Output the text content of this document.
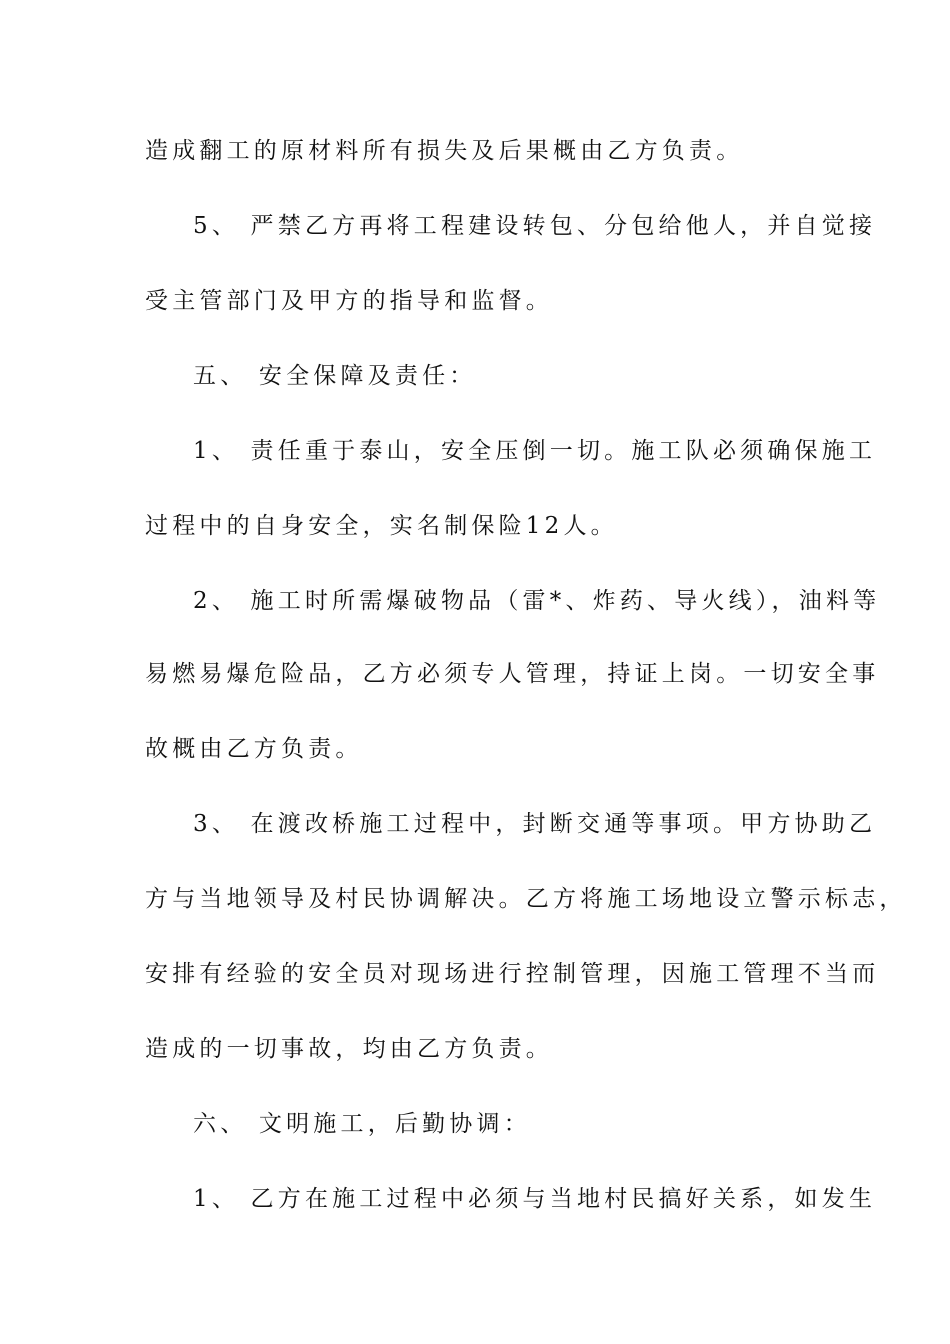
造成翻工的原材料所有损失及后果概由乙方负责。
5、 严禁乙方再将工程建设转包、分包给他人，并自觉接
受主管部门及甲方的指导和监督。
五、 安全保障及责任：
1、 责任重于泰山，安全压倒一切。施工队必须确保施工
过程中的自身安全，实名制保险12人。
2、 施工时所需爆破物品（雷*、炸药、导火线），油料等
易燃易爆危险品，乙方必须专人管理，持证上岗。一切安全事
故概由乙方负责。
3、 在渡改桥施工过程中，封断交通等事项。甲方协助乙
方与当地领导及村民协调解决。乙方将施工场地设立警示标志，
安排有经验的安全员对现场进行控制管理，因施工管理不当而
造成的一切事故，均由乙方负责。
六、 文明施工，后勤协调：
1、 乙方在施工过程中必须与当地村民搞好关系，如发生
